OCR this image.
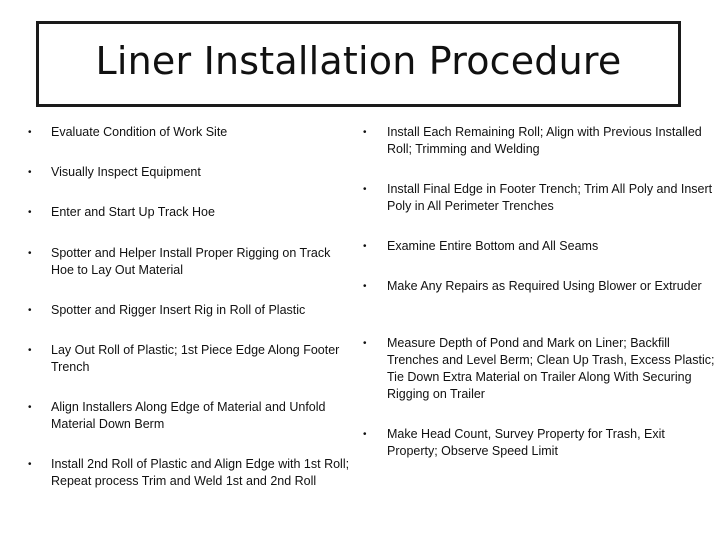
Liner Installation Procedure
•	Evaluate Condition of Work Site
•	Visually Inspect Equipment
•	Enter and Start Up Track Hoe
•	Spotter and Helper Install Proper Rigging on Track Hoe to Lay Out Material
•	Spotter and Rigger Insert Rig in Roll of Plastic
•	Lay Out Roll of Plastic; 1st Piece Edge Along Footer Trench
•	Align Installers Along Edge of Material and Unfold Material Down Berm
•	Install 2nd Roll of Plastic and Align Edge with 1st Roll; Repeat process Trim and Weld 1st and 2nd Roll
•	Install Each Remaining Roll; Align with Previous Installed Roll; Trimming and Welding
•	Install Final Edge in Footer Trench; Trim All Poly and Insert Poly in All Perimeter Trenches
•	Examine Entire Bottom and All Seams
•	Make Any Repairs as Required Using Blower or Extruder
•	Measure Depth of Pond and Mark on Liner; Backfill Trenches and Level Berm; Clean Up Trash, Excess Plastic; Tie Down Extra Material on Trailer Along With Securing Rigging on Trailer
•	Make Head Count, Survey Property for Trash, Exit Property; Observe Speed Limit
